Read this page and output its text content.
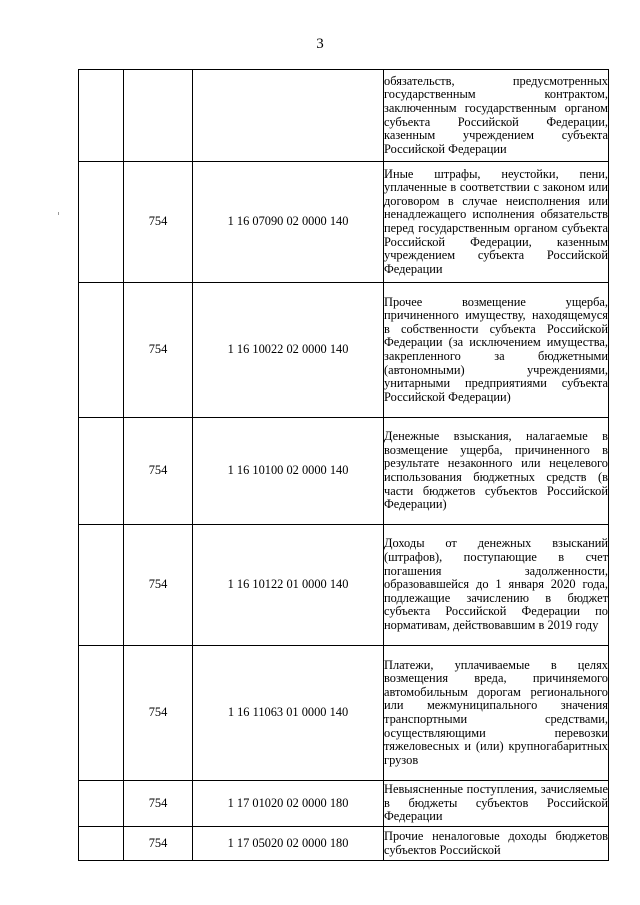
3

			обязательств, предусмотренных государственным контрактом, заключенным государственным органом субъекта Российской Федерации, казенным учреждением субъекта Российской Федерации

	754	1 16 07090 02 0000 140	Иные штрафы, неустойки, пени, уплаченные в соответствии с законом или договором в случае неисполнения или ненадлежащего исполнения обязательств перед государственным органом субъекта Российской Федерации, казенным учреждением субъекта Российской Федерации

	754	1 16 10022 02 0000 140	Прочее возмещение ущерба, причиненного имуществу, находящемуся в собственности субъекта Российской Федерации (за исключением имущества, закрепленного за бюджетными (автономными) учреждениями, унитарными предприятиями субъекта Российской Федерации)

	754	1 16 10100 02 0000 140	Денежные взыскания, налагаемые в возмещение ущерба, причиненного в результате незаконного или нецелевого использования бюджетных средств (в части бюджетов субъектов Российской Федерации)

	754	1 16 10122 01 0000 140	Доходы от денежных взысканий (штрафов), поступающие в счет погашения задолженности, образовавшейся до 1 января 2020 года, подлежащие зачислению в бюджет субъекта Российской Федерации по нормативам, действовавшим в 2019 году

	754	1 16 11063 01 0000 140	Платежи, уплачиваемые в целях возмещения вреда, причиняемого автомобильным дорогам регионального или межмуниципального значения транспортными средствами, осуществляющими перевозки тяжеловесных и (или) крупногабаритных грузов

	754	1 17 01020 02 0000 180	Невыясненные поступления, зачисляемые в бюджеты субъектов Российской Федерации

	754	1 17 05020 02 0000 180	Прочие неналоговые доходы бюджетов субъектов Российской
